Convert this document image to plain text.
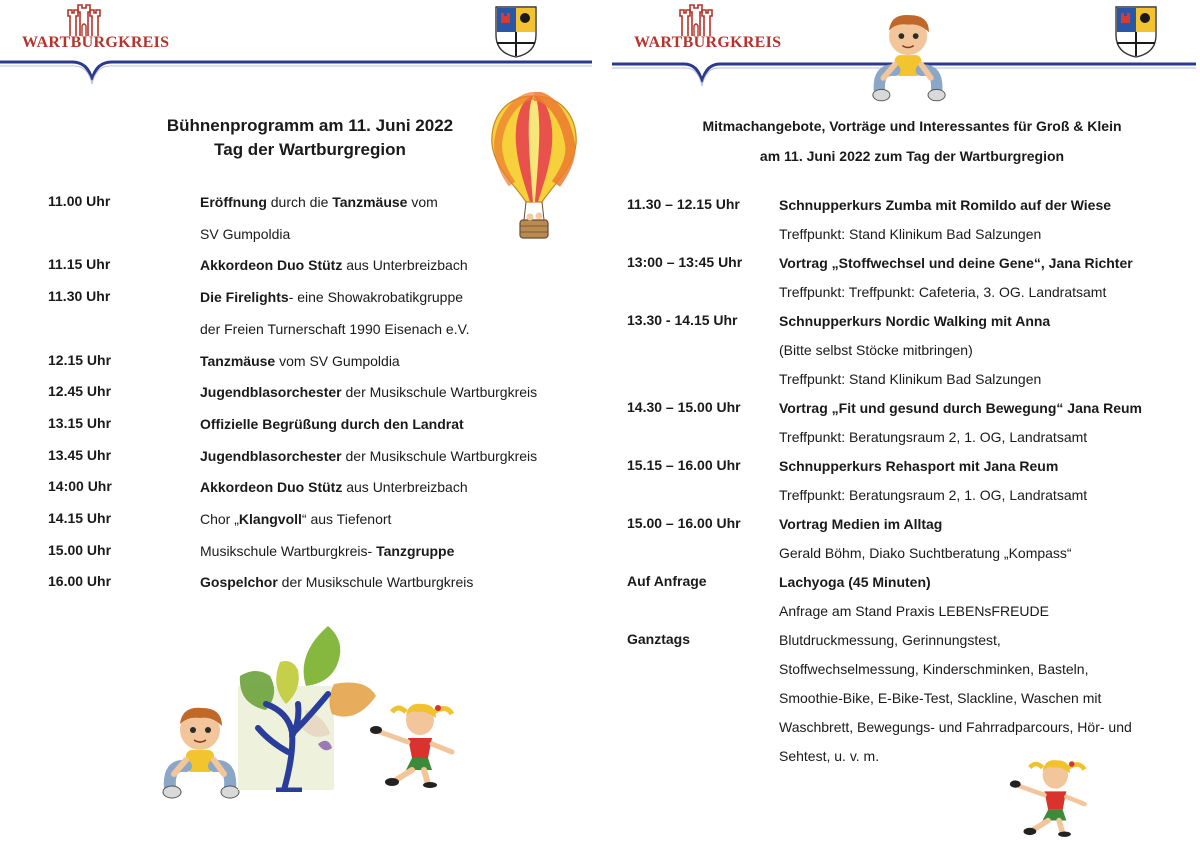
WARTBURGKREIS
Bühnenprogramm am 11. Juni 2022
Tag der Wartburgregion
11.00 Uhr	Eröffnung durch die Tanzmäuse vom
SV Gumpoldia
11.15 Uhr	Akkordeon Duo Stütz aus Unterbreizbach
11.30 Uhr	Die Firelights- eine Showakrobatikgruppe
der Freien Turnerschaft 1990 Eisenach e.V.
12.15 Uhr	Tanzmäuse vom SV Gumpoldia
12.45 Uhr	Jugendblasorchester der Musikschule Wartburgkreis
13.15 Uhr	Offizielle Begrüßung durch den Landrat
13.45 Uhr	Jugendblasorchester der Musikschule Wartburgkreis
14:00 Uhr	Akkordeon Duo Stütz aus Unterbreizbach
14.15 Uhr	Chor „Klangvoll“ aus Tiefenort
15.00 Uhr	Musikschule Wartburgkreis- Tanzgruppe
16.00 Uhr	Gospelchor der Musikschule Wartburgkreis
WARTBURGKREIS
Mitmachangebote, Vorträge und Interessantes für Groß & Klein
am 11. Juni 2022 zum Tag der Wartburgregion
11.30 – 12.15 Uhr	Schnupperkurs Zumba mit Romildo auf der Wiese
Treffpunkt: Stand Klinikum Bad Salzungen
13:00 – 13:45 Uhr	Vortrag „Stoffwechsel und deine Gene“, Jana Richter
Treffpunkt: Treffpunkt: Cafeteria, 3. OG. Landratsamt
13.30 - 14.15 Uhr	Schnupperkurs Nordic Walking mit Anna
(Bitte selbst Stöcke mitbringen)
Treffpunkt: Stand Klinikum Bad Salzungen
14.30 – 15.00 Uhr	Vortrag „Fit und gesund durch Bewegung“ Jana Reum
Treffpunkt: Beratungsraum 2, 1. OG, Landratsamt
15.15 – 16.00 Uhr	Schnupperkurs Rehasport mit Jana Reum
Treffpunkt: Beratungsraum 2, 1. OG, Landratsamt
15.00 – 16.00 Uhr	Vortrag Medien im Alltag
Gerald Böhm, Diako Suchtberatung „Kompass“
Auf Anfrage	Lachyoga (45 Minuten)
Anfrage am Stand Praxis LEBENsFREUDE
Ganztags	Blutdruckmessung, Gerinnungstest,
Stoffwechselmessung, Kinderschminken, Basteln,
Smoothie-Bike, E-Bike-Test, Slackline, Waschen mit
Waschbrett, Bewegungs- und Fahrradparcours, Hör- und
Sehtest, u. v. m.
